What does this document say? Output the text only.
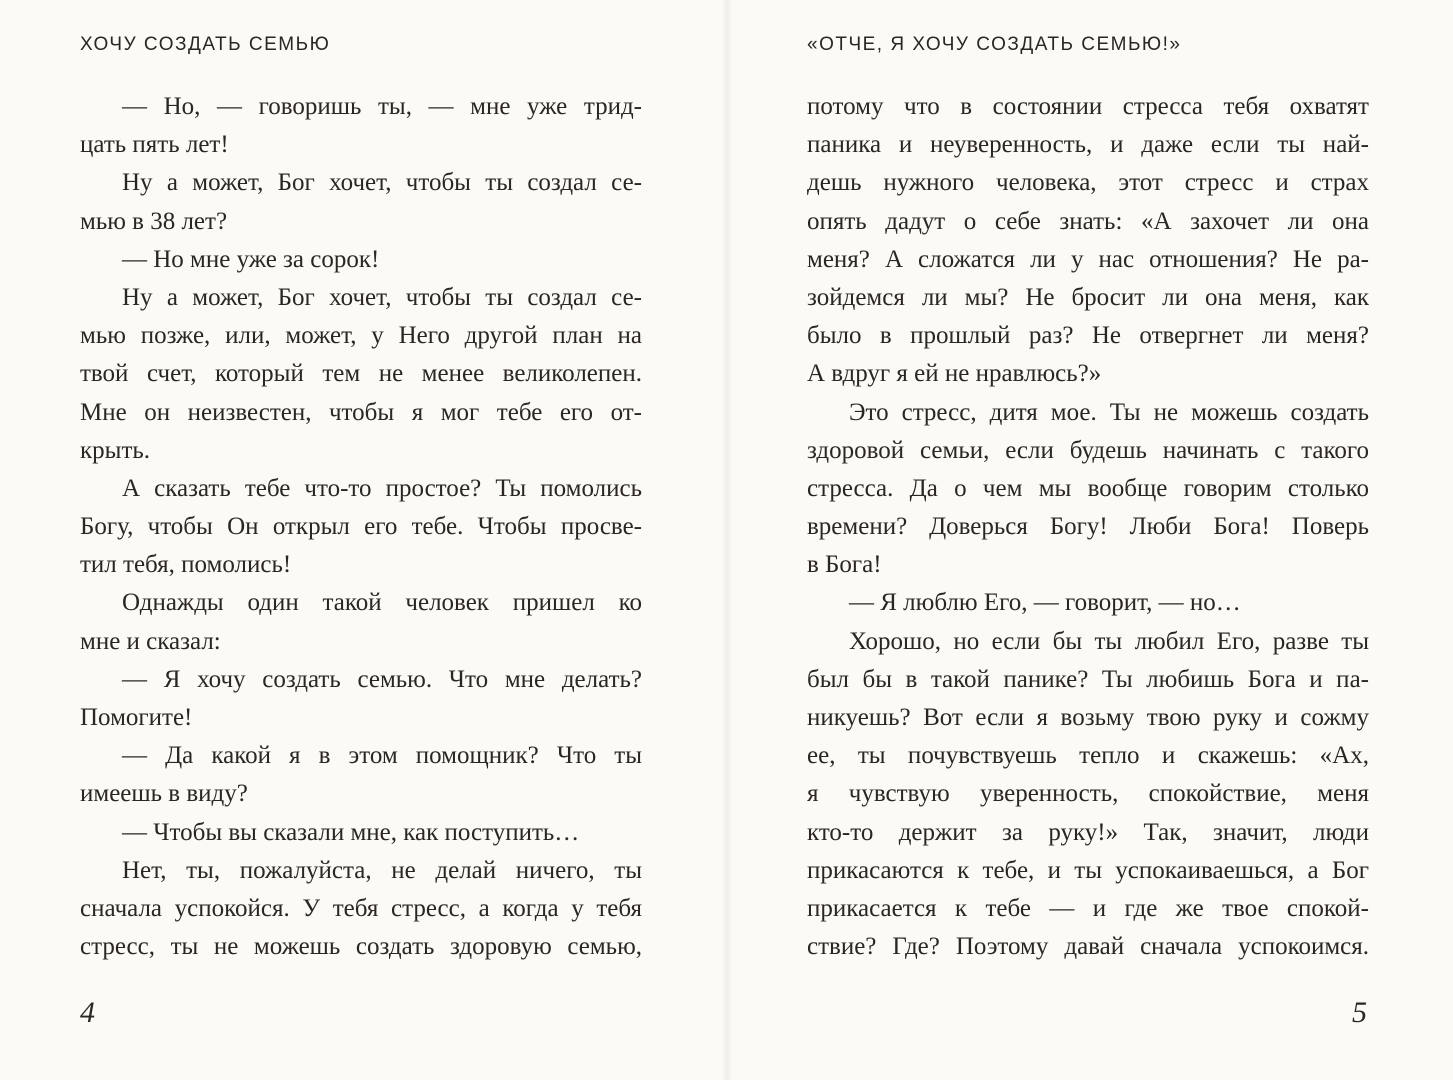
ХОЧУ СОЗДАТЬ СЕМЬЮ
— Но, — говоришь ты, — мне уже трид-
цать пять лет!
Ну а может, Бог хочет, чтобы ты создал се-
мью в 38 лет?
— Но мне уже за сорок!
Ну а может, Бог хочет, чтобы ты создал се-
мью позже, или, может, у Него другой план на
твой счет, который тем не менее великолепен.
Мне он неизвестен, чтобы я мог тебе его от-
крыть.
А сказать тебе что-то простое? Ты помолись
Богу, чтобы Он открыл его тебе. Чтобы просве-
тил тебя, помолись!
Однажды один такой человек пришел ко
мне и сказал:
— Я хочу создать семью. Что мне делать?
Помогите!
— Да какой я в этом помощник? Что ты
имеешь в виду?
— Чтобы вы сказали мне, как поступить…
Нет, ты, пожалуйста, не делай ничего, ты
сначала успокойся. У тебя стресс, а когда у тебя
стресс, ты не можешь создать здоровую семью,
4
«ОТЧЕ, Я ХОЧУ СОЗДАТЬ СЕМЬЮ!»
потому что в состоянии стресса тебя охватят
паника и неуверенность, и даже если ты най-
дешь нужного человека, этот стресс и страх
опять дадут о себе знать: «А захочет ли она
меня? А сложатся ли у нас отношения? Не ра-
зойдемся ли мы? Не бросит ли она меня, как
было в прошлый раз? Не отвергнет ли меня?
А вдруг я ей не нравлюсь?»
Это стресс, дитя мое. Ты не можешь создать
здоровой семьи, если будешь начинать с такого
стресса. Да о чем мы вообще говорим столько
времени? Доверься Богу! Люби Бога! Поверь
в Бога!
— Я люблю Его, — говорит, — но…
Хорошо, но если бы ты любил Его, разве ты
был бы в такой панике? Ты любишь Бога и па-
никуешь? Вот если я возьму твою руку и сожму
ее, ты почувствуешь тепло и скажешь: «Ах,
я чувствую уверенность, спокойствие, меня
кто-то держит за руку!» Так, значит, люди
прикасаются к тебе, и ты успокаиваешься, а Бог
прикасается к тебе — и где же твое спокой-
ствие? Где? Поэтому давай сначала успокоимся.
5
